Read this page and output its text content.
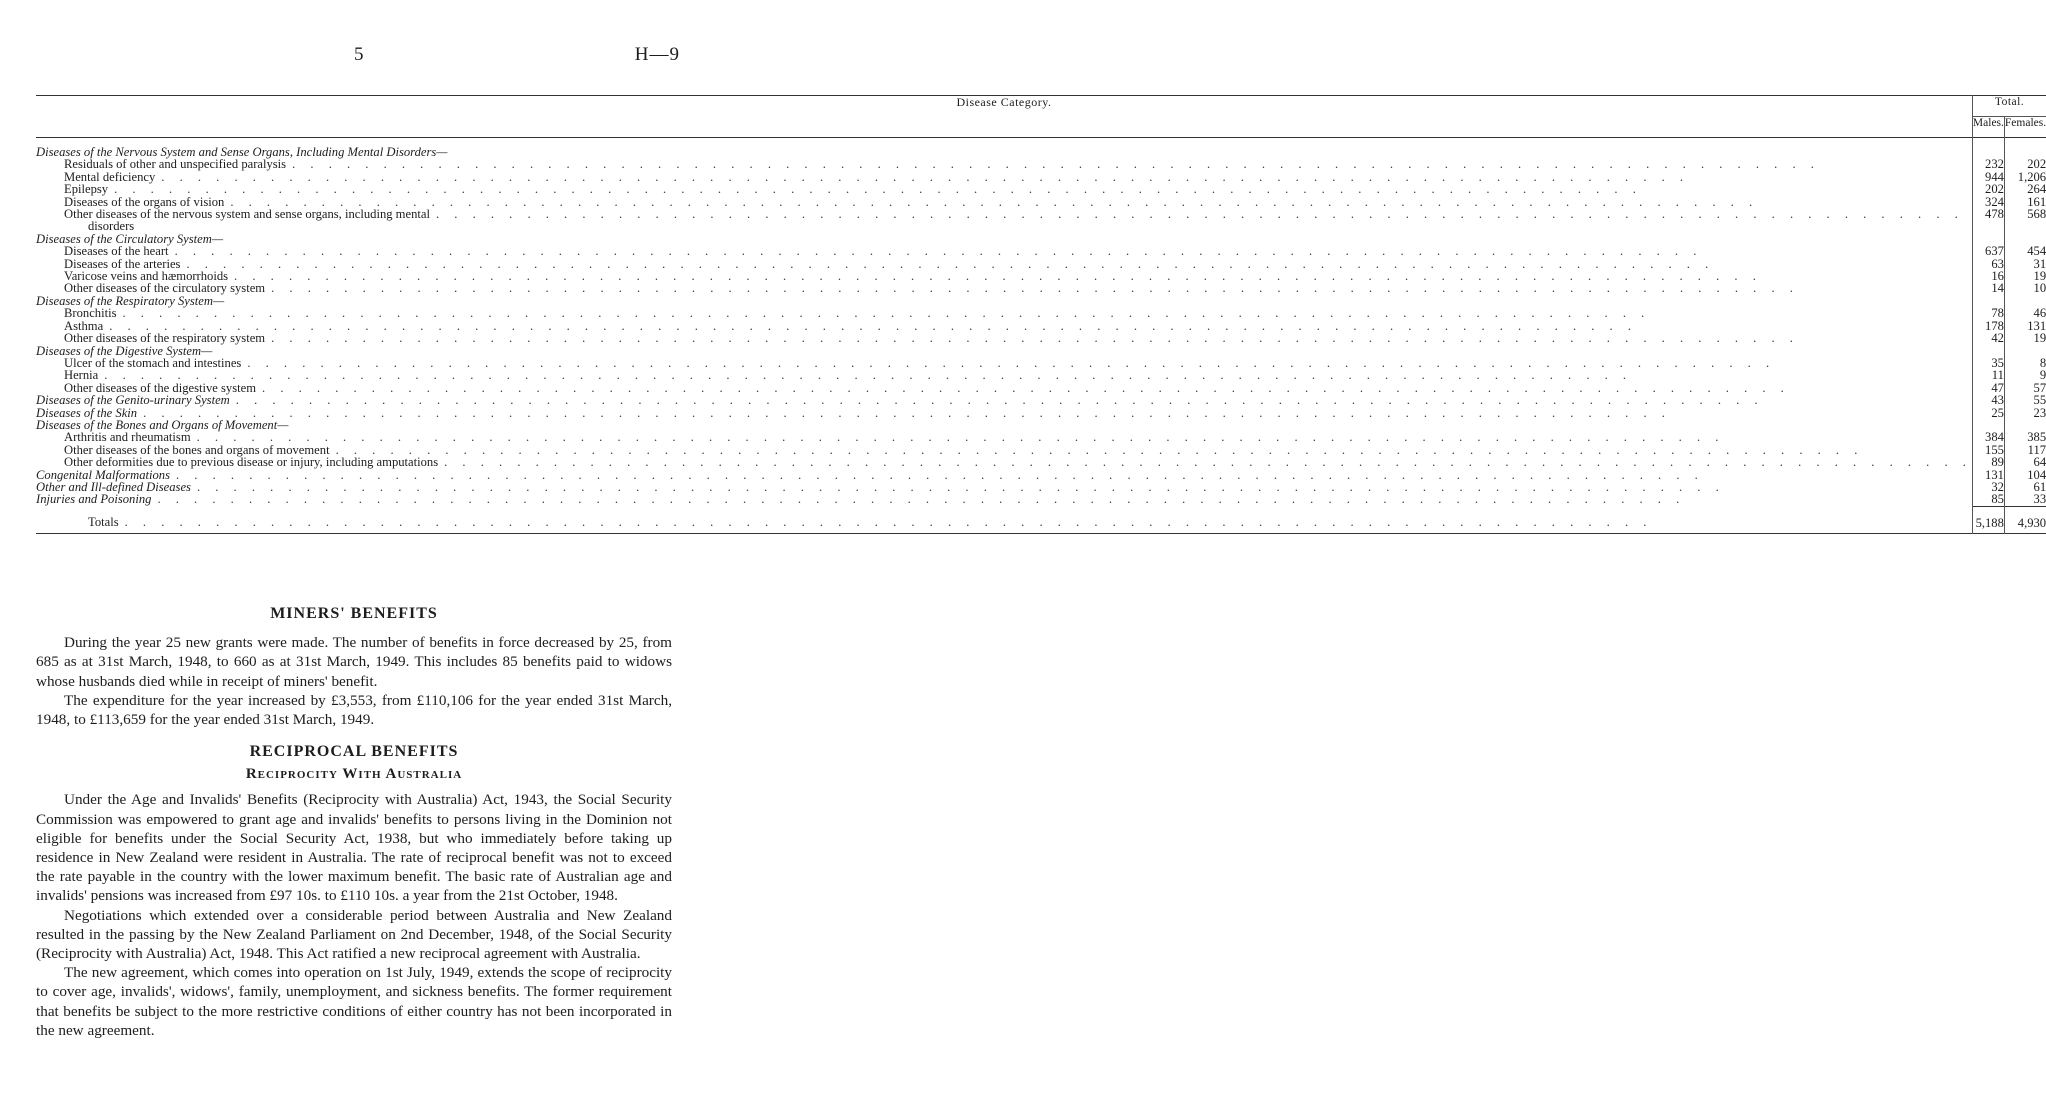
5	H—9
Disease Category.	Total.	
	Males.	Females.

Diseases of the Nervous System and Sense Organs, Including Mental Disorders—		

Residuals of other and unspecified paralysis
. . .	232	202

Mental deficiency
. . .	944	1,206

Epilepsy
. . .	202	264

Diseases of the organs of vision
. . .	324	161

Other diseases of the nervous system and sense organs, including mental
. . .	478	568
disorders		
Diseases of the Circulatory System—		

Diseases of the heart
. . .	637	454

Diseases of the arteries
. . .	63	31

Varicose veins and hæmorrhoids
. . .	16	19

Other diseases of the circulatory system
. . .	14	10
Diseases of the Respiratory System—		

Bronchitis
. . .	78	46

Asthma
. . .	178	131

Other diseases of the respiratory system
. . .	42	19
Diseases of the Digestive System—		

Ulcer of the stomach and intestines
. . .	35	8

Hernia
. . .	11	9

Other diseases of the digestive system
. . .	47	57

Diseases of the Genito-urinary System
. . .	43	55

Diseases of the Skin
. . .	25	23
Diseases of the Bones and Organs of Movement—		

Arthritis and rheumatism
. . .	384	385

Other diseases of the bones and organs of movement
. . .	155	117

Other deformities due to previous disease or injury, including amputations
. . .	89	64

Congenital Malformations
. . .	131	104

Other and Ill-defined Diseases
. . .	32	61

Injuries and Poisoning
. . .	85	33

Totals
. . .	5,188	4,930
MINERS' BENEFITS

During the year 25 new grants were made. The number of benefits in force decreased by 25, from 685 as at 31st March, 1948, to 660 as at 31st March, 1949. This includes 85 benefits paid to widows whose husbands died while in receipt of miners' benefit.

The expenditure for the year increased by £3,553, from £110,106 for the year ended 31st March, 1948, to £113,659 for the year ended 31st March, 1949.

RECIPROCAL BENEFITS
Reciprocity With Australia

Under the Age and Invalids' Benefits (Reciprocity with Australia) Act, 1943, the Social Security Commission was empowered to grant age and invalids' benefits to persons living in the Dominion not eligible for benefits under the Social Security Act, 1938, but who immediately before taking up residence in New Zealand were resident in Australia. The rate of reciprocal benefit was not to exceed the rate payable in the country with the lower maximum benefit. The basic rate of Australian age and invalids' pensions was increased from £97 10s. to £110 10s. a year from the 21st October, 1948.

Negotiations which extended over a considerable period between Australia and New Zealand resulted in the passing by the New Zealand Parliament on 2nd December, 1948, of the Social Security (Reciprocity with Australia) Act, 1948. This Act ratified a new reciprocal agreement with Australia.

The new agreement, which comes into operation on 1st July, 1949, extends the scope of reciprocity to cover age, invalids', widows', family, unemployment, and sickness benefits. The former requirement that benefits be subject to the more restrictive conditions of either country has not been incorporated in the new agreement.
